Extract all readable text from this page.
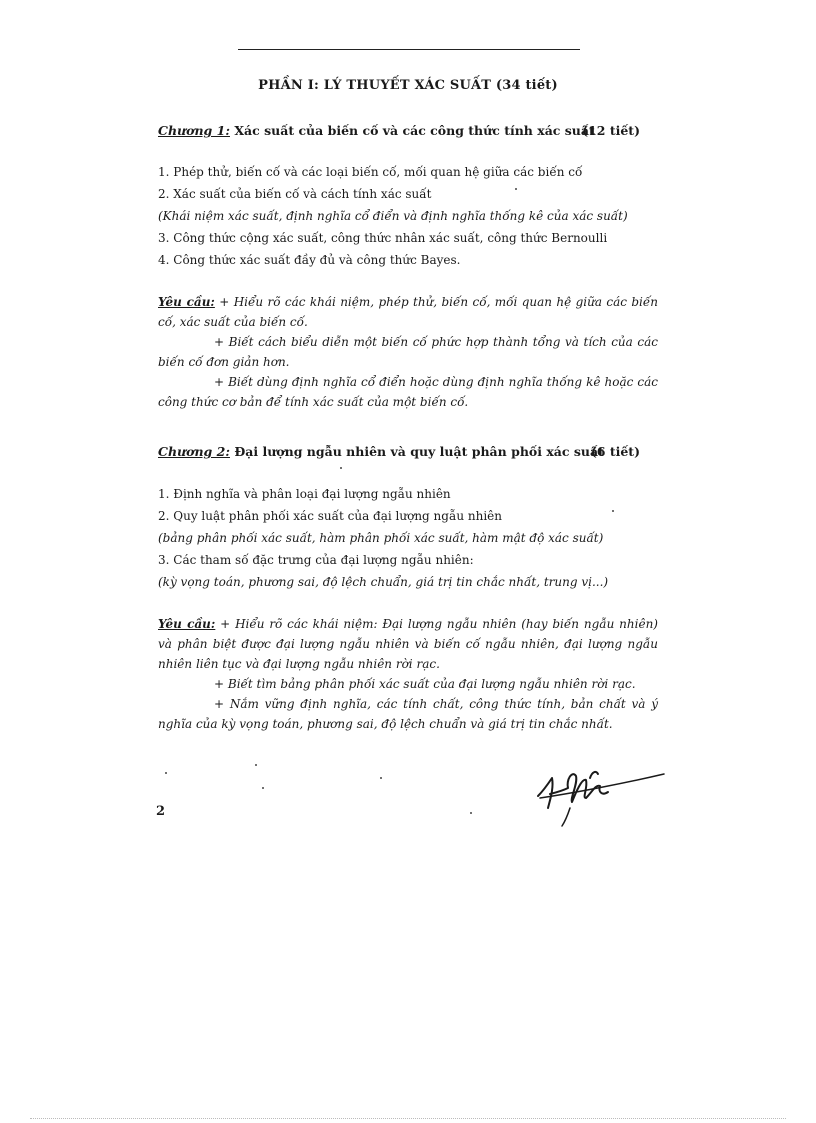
PHẦN I: LÝ THUYẾT XÁC SUẤT (34 tiết)
Chương 1: Xác suất của biến cố và các công thức tính xác suất
(12 tiết)
1. Phép thử, biến cố và các loại biến cố, mối quan hệ giữa các biến cố
2. Xác suất của biến cố và cách tính xác suất
(Khái niệm xác suất, định nghĩa cổ điển và định nghĩa thống kê của xác suất)
3. Công thức cộng xác suất, công thức nhân xác suất, công thức Bernoulli
4. Công thức xác suất đầy đủ và công thức Bayes.

Yêu cầu: + Hiểu rõ các khái niệm, phép thử, biến cố, mối quan hệ giữa các biến cố, xác suất của biến cố.

+ Biết cách biểu diễn một biến cố phức hợp thành tổng và tích của các biến cố đơn giản hơn.

+ Biết dùng định nghĩa cổ điển hoặc dùng định nghĩa thống kê hoặc các công thức cơ bản để tính xác suất của một biến cố.

Chương 2: Đại lượng ngẫu nhiên và quy luật phân phối xác suất
(6 tiết)
1. Định nghĩa và phân loại đại lượng ngẫu nhiên
2. Quy luật phân phối xác suất của đại lượng ngẫu nhiên
(bảng phân phối xác suất, hàm phân phối xác suất, hàm mật độ xác suất)
3. Các tham số đặc trưng của đại lượng ngẫu nhiên:
(kỳ vọng toán, phương sai, độ lệch chuẩn, giá trị tin chắc nhất, trung vị...)

Yêu cầu: + Hiểu rõ các khái niệm: Đại lượng ngẫu nhiên (hay biến ngẫu nhiên) và phân biệt được đại lượng ngẫu nhiên và biến cố ngẫu nhiên, đại lượng ngẫu nhiên liên tục và đại lượng ngẫu nhiên rời rạc.

+ Biết tìm bảng phân phối xác suất của đại lượng ngẫu nhiên rời rạc.

+ Nắm vững định nghĩa, các tính chất, công thức tính, bản chất và ý nghĩa của kỳ vọng toán, phương sai, độ lệch chuẩn và giá trị tin chắc nhất.

2
